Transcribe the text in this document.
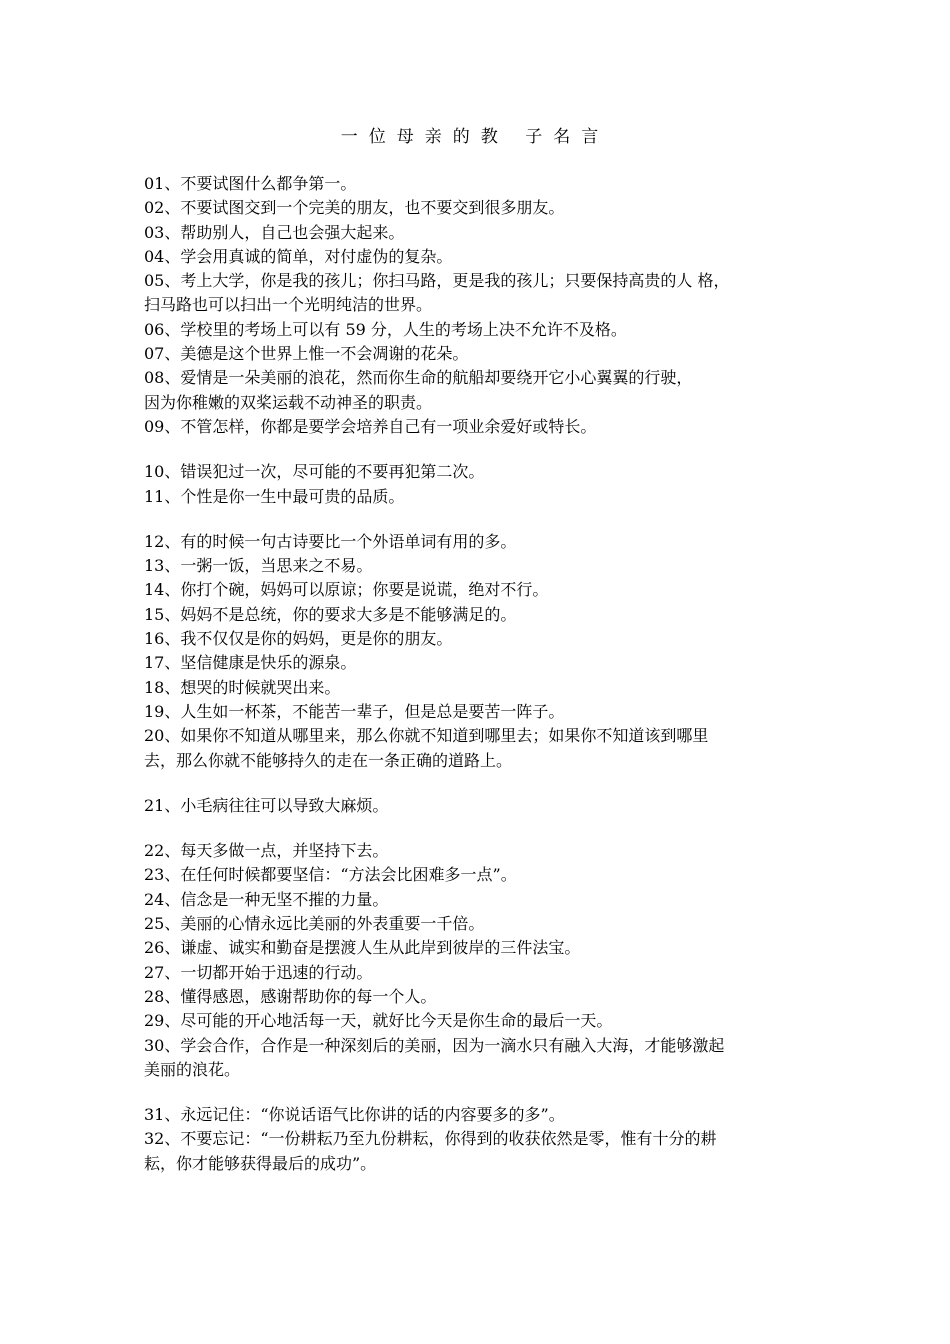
一位母亲的教 子名言
01、不要试图什么都争第一。
02、不要试图交到一个完美的朋友，也不要交到很多朋友。
03、帮助别人，自己也会强大起来。
04、学会用真诚的简单，对付虚伪的复杂。
05、考上大学，你是我的孩儿；你扫马路，更是我的孩儿；只要保持高贵的人 格，
扫马路也可以扫出一个光明纯洁的世界。
06、学校里的考场上可以有 59 分，人生的考场上决不允许不及格。
07、美德是这个世界上惟一不会凋谢的花朵。
08、爱情是一朵美丽的浪花，然而你生命的航船却要绕开它小心翼翼的行驶，
因为你稚嫩的双桨运载不动神圣的职责。
09、不管怎样，你都是要学会培养自己有一项业余爱好或特长。
10、错误犯过一次，尽可能的不要再犯第二次。
11、个性是你一生中最可贵的品质。
12、有的时候一句古诗要比一个外语单词有用的多。
13、一粥一饭，当思来之不易。
14、你打个碗，妈妈可以原谅；你要是说谎，绝对不行。
15、妈妈不是总统，你的要求大多是不能够满足的。
16、我不仅仅是你的妈妈，更是你的朋友。
17、坚信健康是快乐的源泉。
18、想哭的时候就哭出来。
19、人生如一杯茶，不能苦一辈子，但是总是要苦一阵子。
20、如果你不知道从哪里来，那么你就不知道到哪里去；如果你不知道该到哪里
去，那么你就不能够持久的走在一条正确的道路上。
21、小毛病往往可以导致大麻烦。
22、每天多做一点，并坚持下去。
23、在任何时候都要坚信：“方法会比困难多一点”。
24、信念是一种无坚不摧的力量。
25、美丽的心情永远比美丽的外表重要一千倍。
26、谦虚、诚实和勤奋是摆渡人生从此岸到彼岸的三件法宝。
27、一切都开始于迅速的行动。
28、懂得感恩，感谢帮助你的每一个人。
29、尽可能的开心地活每一天，就好比今天是你生命的最后一天。
30、学会合作，合作是一种深刻后的美丽，因为一滴水只有融入大海，才能够激起
美丽的浪花。
31、永远记住：“你说话语气比你讲的话的内容要多的多”。
32、不要忘记：“一份耕耘乃至九份耕耘，你得到的收获依然是零，惟有十分的耕
耘，你才能够获得最后的成功”。
